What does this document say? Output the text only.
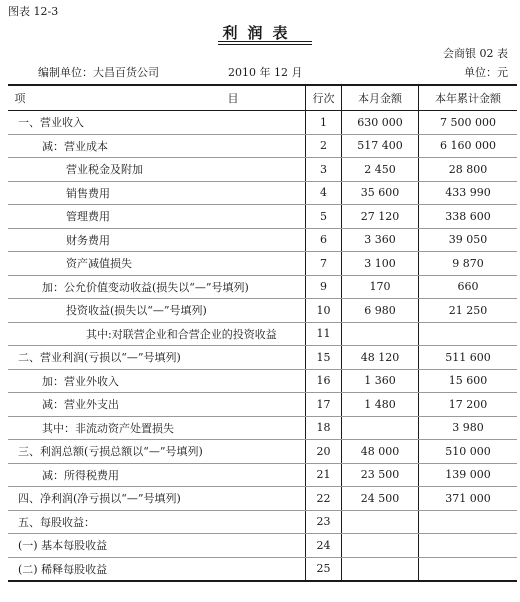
图表 12-3
利润表
会商银 02 表
编制单位：大昌百货公司	2010 年 12 月	单位：元
项　　目	行次	本月金额	本年累计金额
一、营业收入	1	630 000	7 500 000
减：营业成本	2	517 400	6 160 000
营业税金及附加	3	2 450	28 800
销售费用	4	35 600	433 990
管理费用	5	27 120	338 600
财务费用	6	3 360	39 050
资产减值损失	7	3 100	9 870
加：公允价值变动收益(损失以“—”号填列)	9	170	660
投资收益(损失以“—”号填列)	10	6 980	21 250
其中:对联营企业和合营企业的投资收益	11		
二、营业利润(亏损以“—”号填列)	15	48 120	511 600
加：营业外收入	16	1 360	15 600
减：营业外支出	17	1 480	17 200
其中：非流动资产处置损失	18		3 980
三、利润总额(亏损总额以“—”号填列)	20	48 000	510 000
减：所得税费用	21	23 500	139 000
四、净利润(净亏损以“—”号填列)	22	24 500	371 000
五、每股收益：	23		
(一) 基本每股收益	24		
(二) 稀释每股收益	25		
